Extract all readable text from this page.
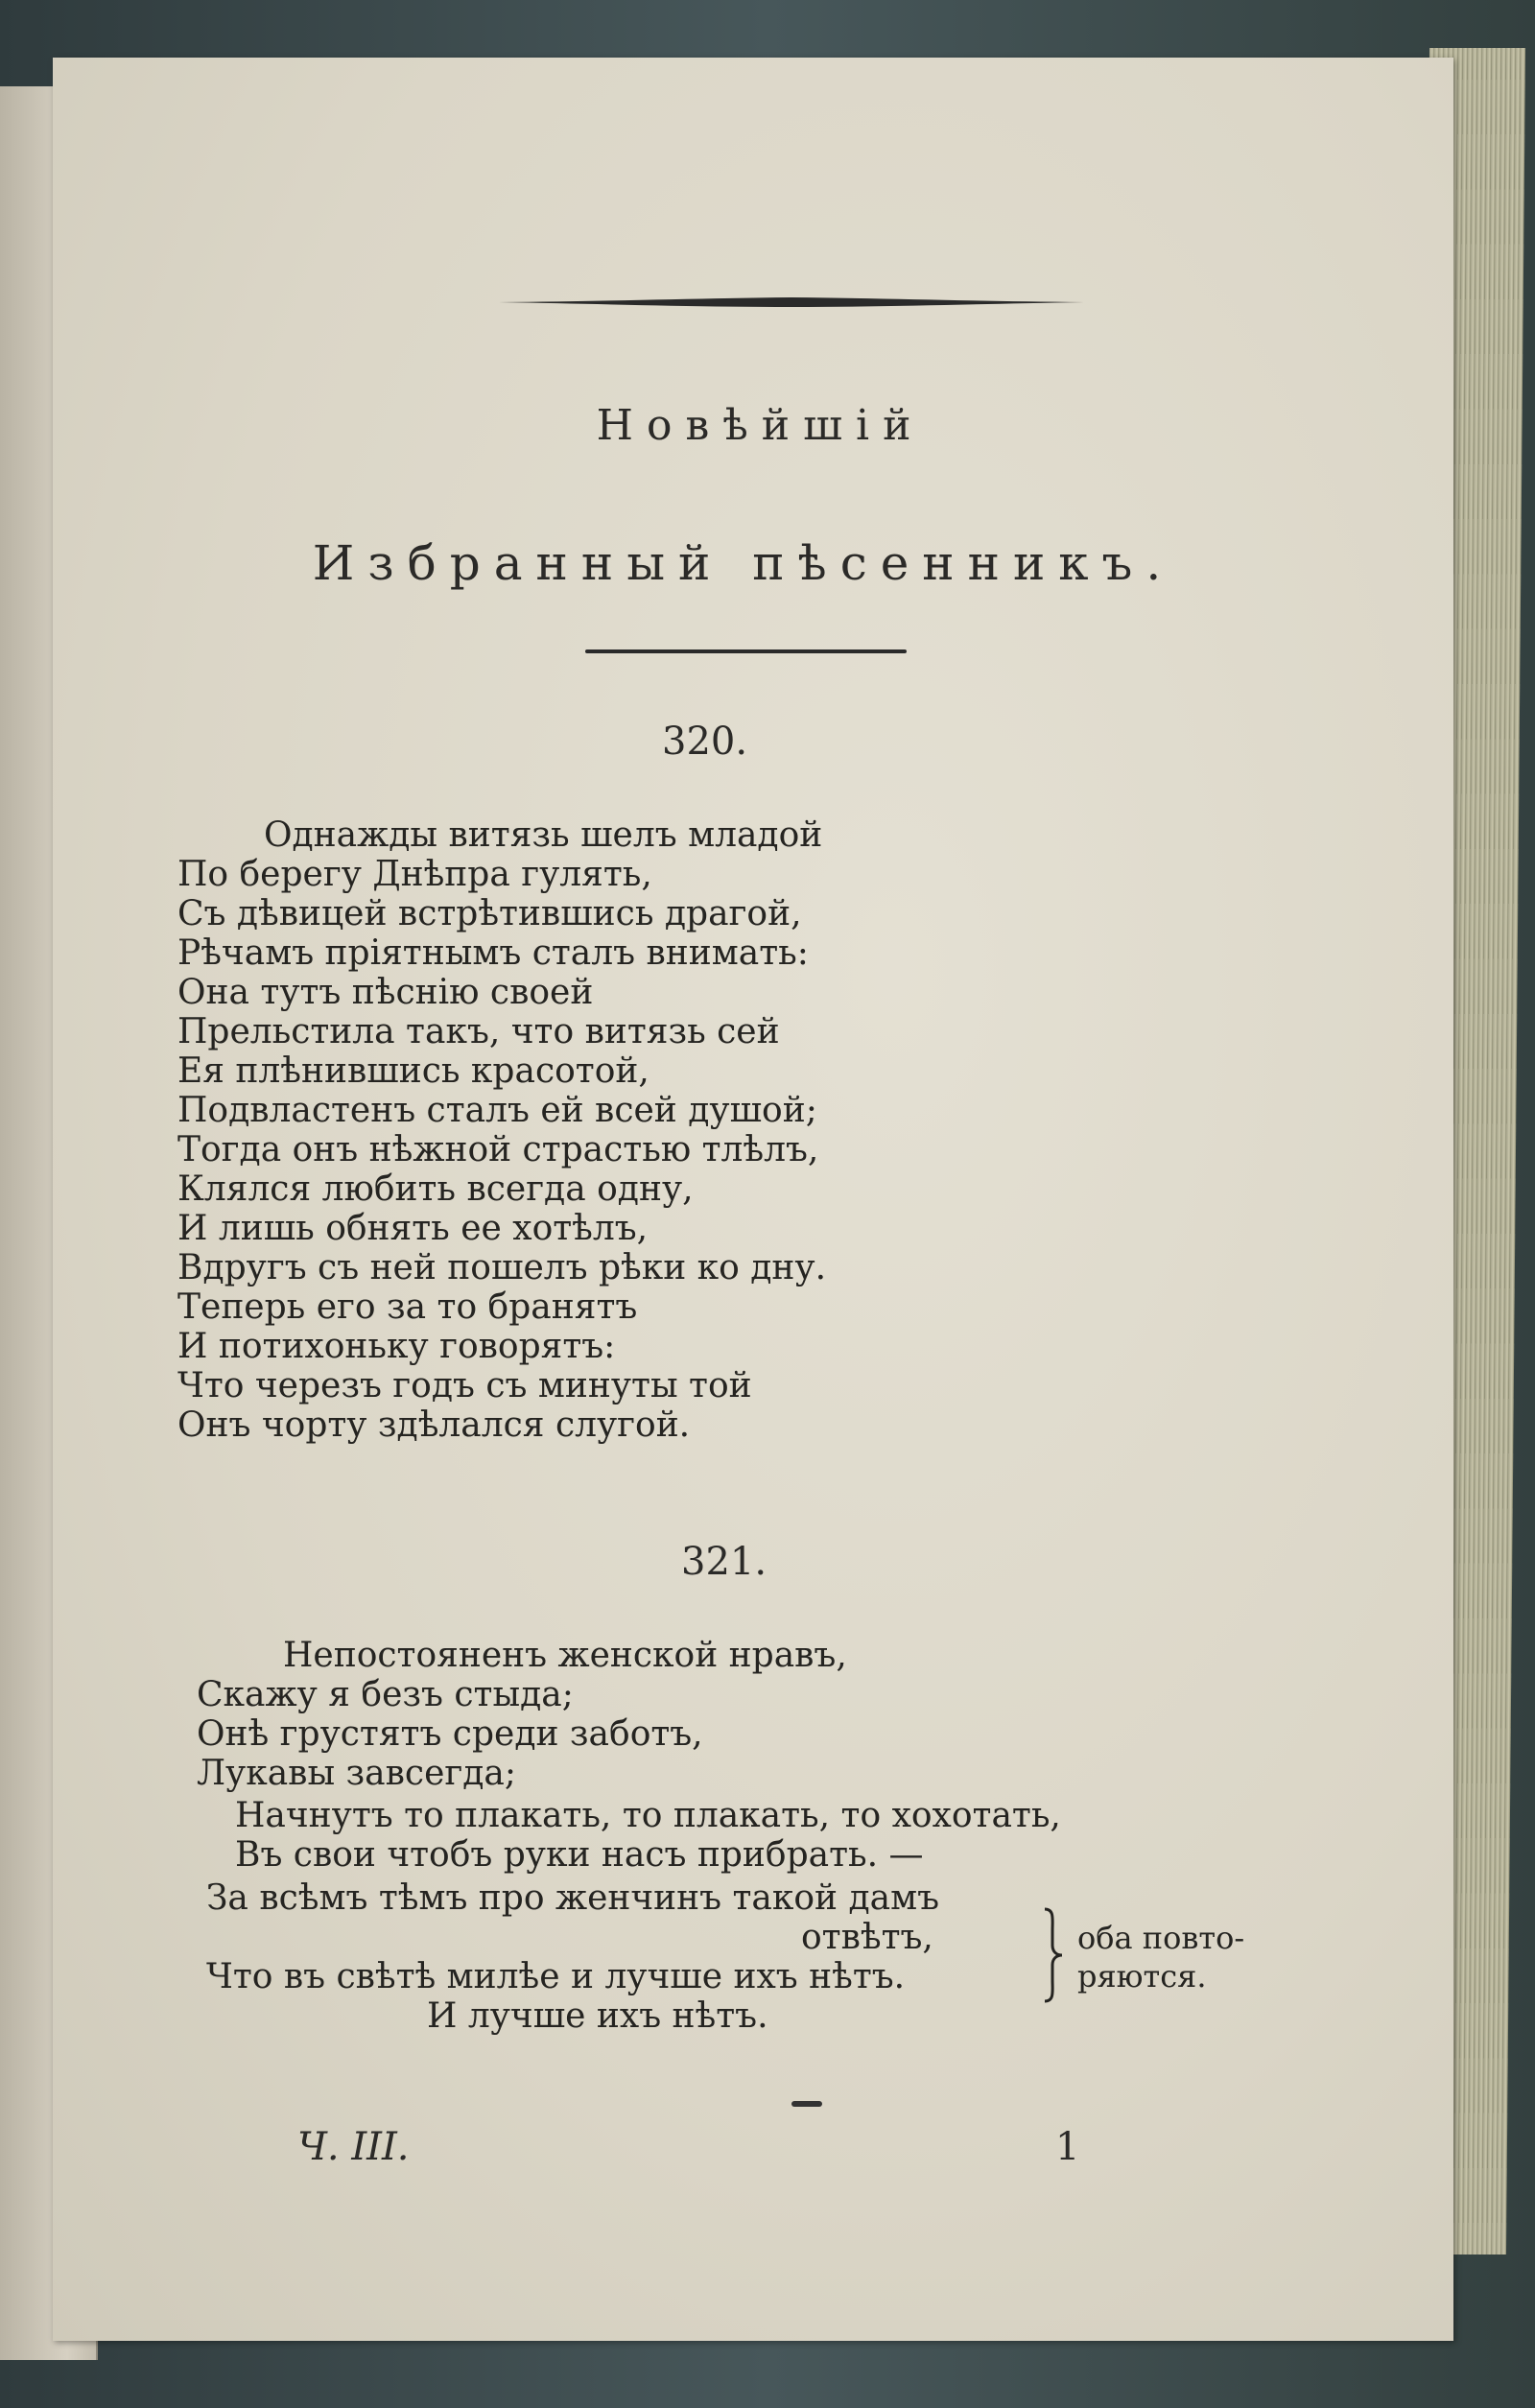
Новѣйшій
Избранный пѣсенникъ.
320.
Однажды витязь шелъ младой
По берегу Днѣпра гулять,
Съ дѣвицей встрѣтившись драгой,
Рѣчамъ пріятнымъ сталъ внимать:
Она тутъ пѣснію своей
Прельстила такъ, что витязь сей
Ея плѣнившись красотой,
Подвластенъ сталъ ей всей душой;
Тогда онъ нѣжной страстью тлѣлъ,
Клялся любить всегда одну,
И лишь обнять ее хотѣлъ,
Вдругъ съ ней пошелъ рѣки ко дну.
Теперь его за то бранятъ
И потихоньку говорятъ:
Что черезъ годъ съ минуты той
Онъ чорту здѣлался слугой.
321.
Непостояненъ женской нравъ,
Скажу я безъ стыда;
Онѣ грустятъ среди заботъ,
Лукавы завсегда;
Начнутъ то плакать, то плакать, то хохотать,
Въ свои чтобъ руки насъ прибрать. —
За всѣмъ тѣмъ про женчинъ такой дамъ
отвѣтъ,
Что въ свѣтѣ милѣе и лучше ихъ нѣтъ.
И лучше ихъ нѣтъ.
оба повто-
ряются.
Ч. III.	1
